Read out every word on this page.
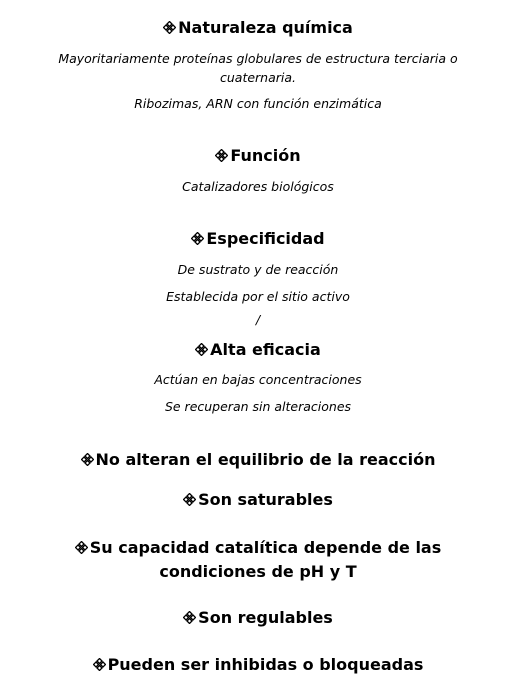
Naturaleza química
Mayoritariamente proteínas globulares de estructura terciaria o
cuaternaria.
Ribozimas, ARN con función enzimática
Función
Catalizadores biológicos
Especificidad
De sustrato y de reacción
Establecida por el sitio activo
/
Alta eficacia
Actúan en bajas concentraciones
Se recuperan sin alteraciones
No alteran el equilibrio de la reacción
Son saturables
Su capacidad catalítica depende de las
condiciones de pH y T
Son regulables
Pueden ser inhibidas o bloqueadas
